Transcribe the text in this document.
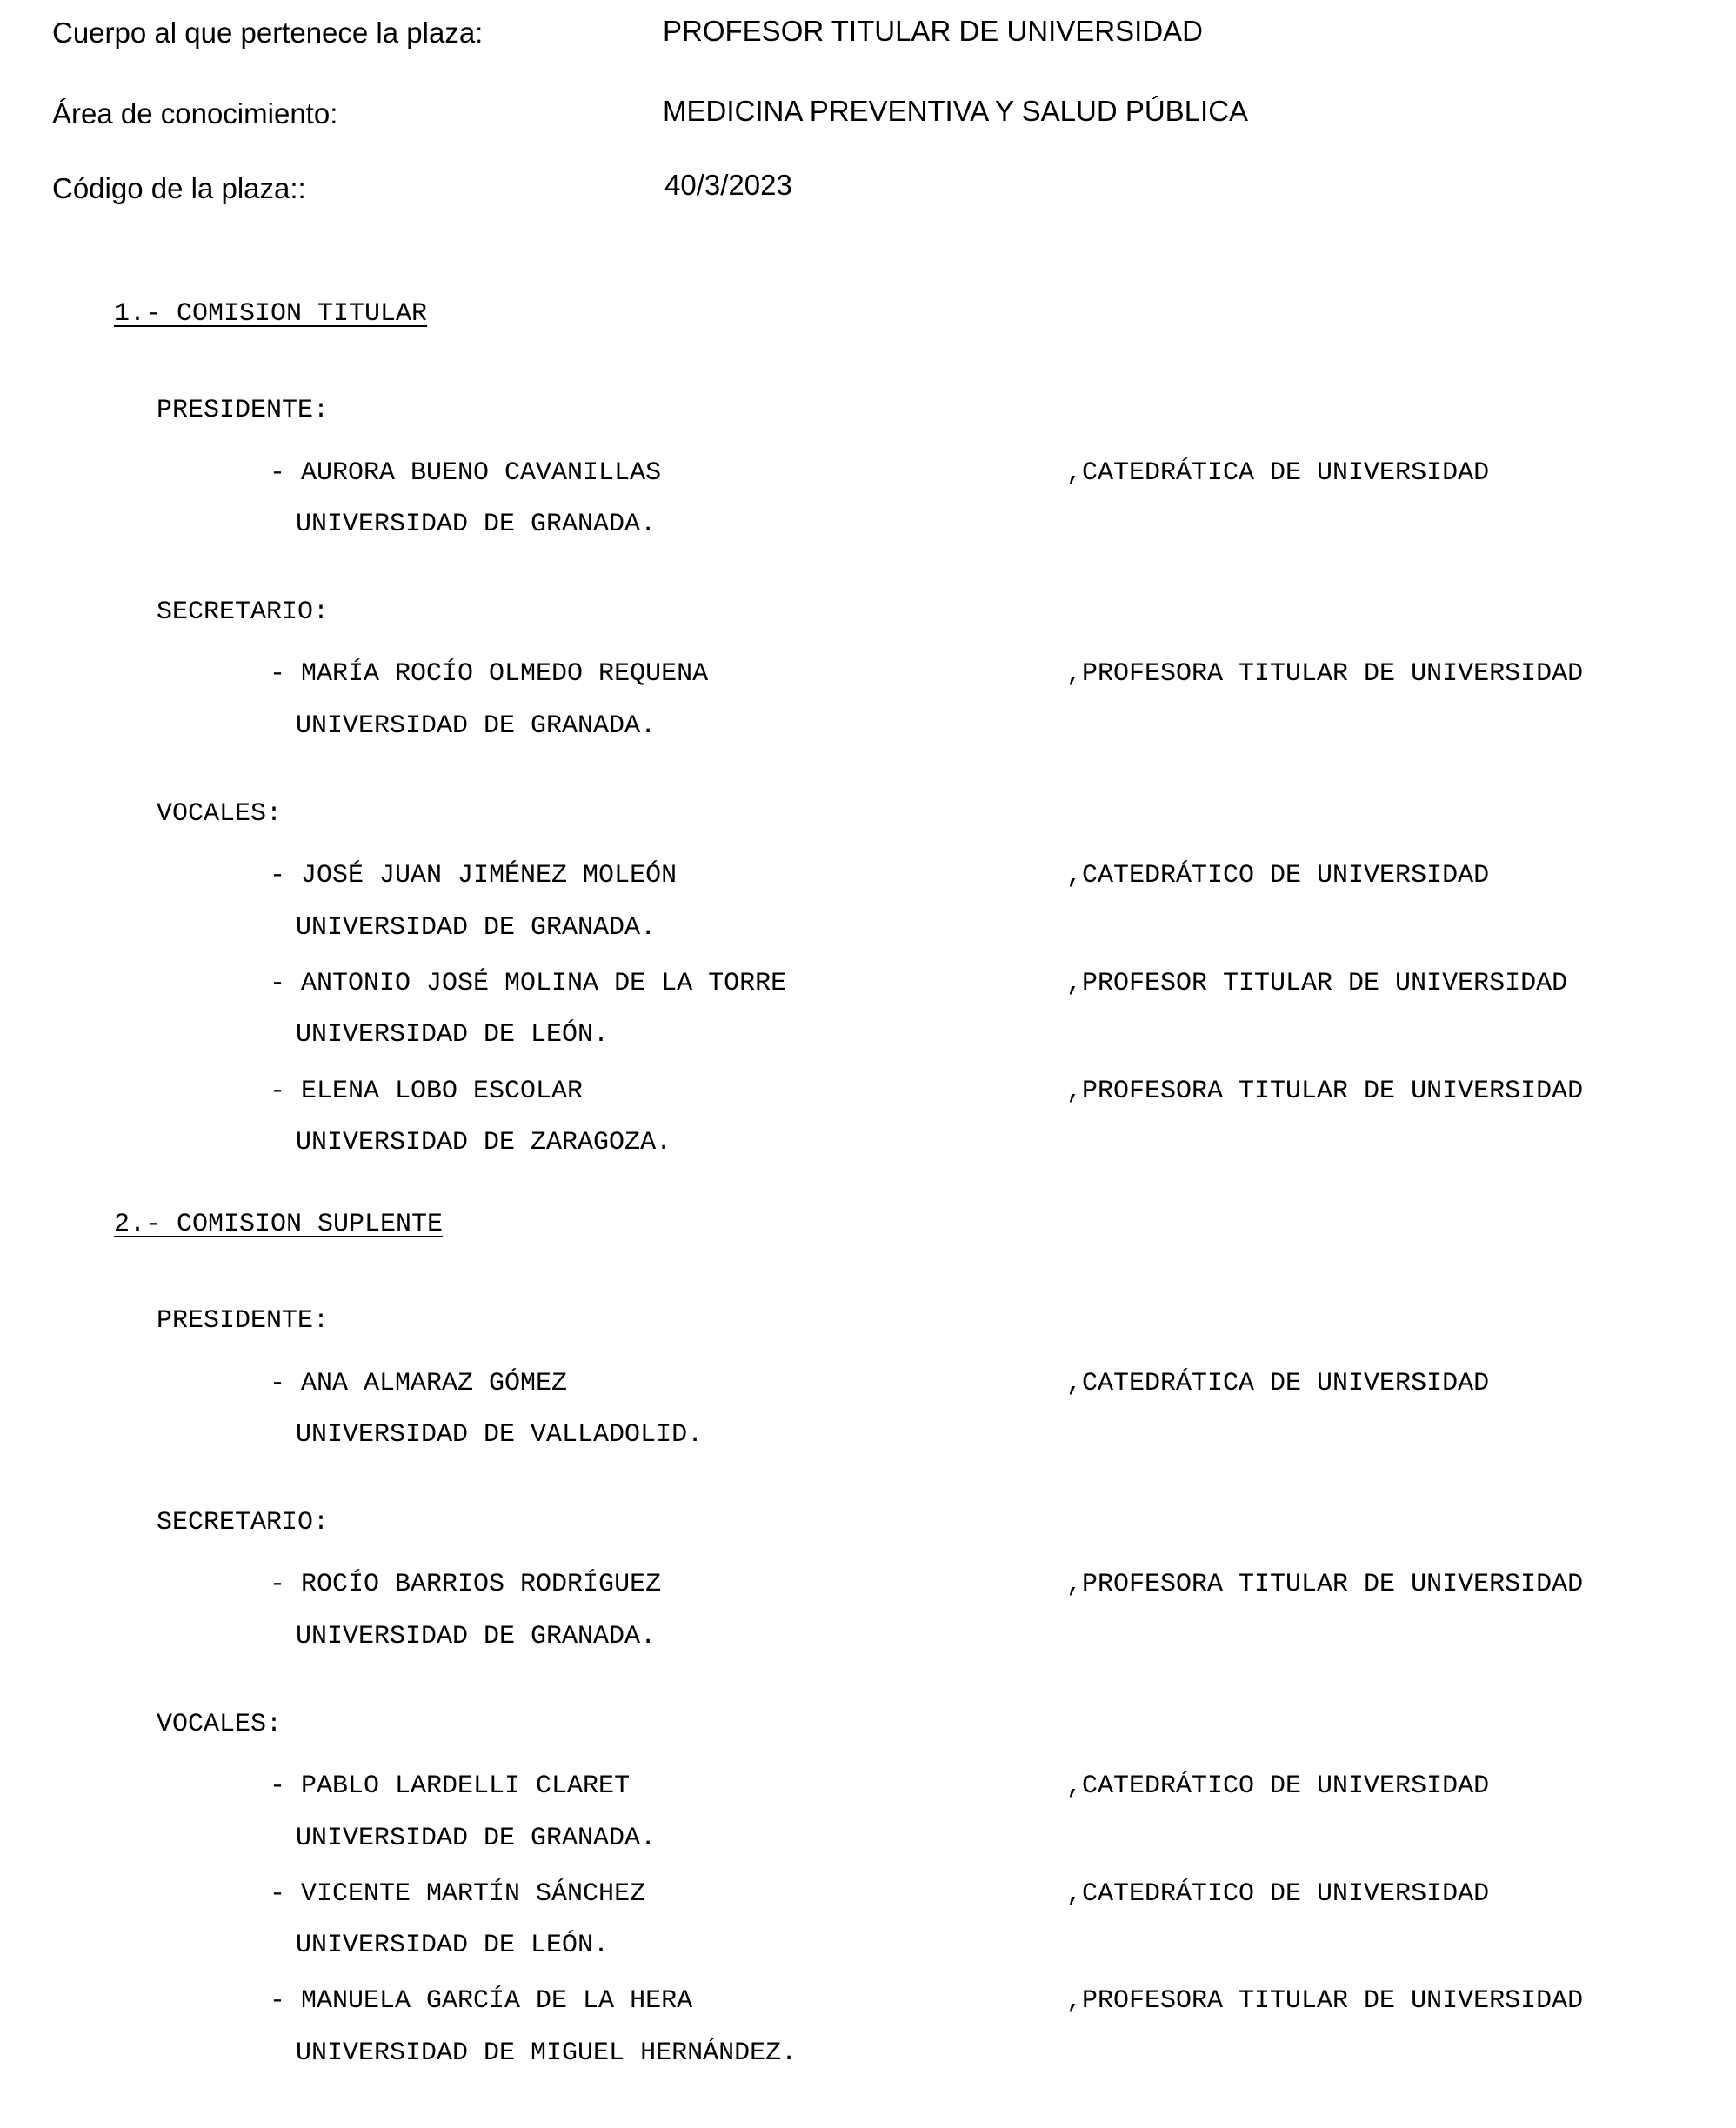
Cuerpo al que pertenece la plaza:	PROFESOR TITULAR DE UNIVERSIDAD
Área de conocimiento:	MEDICINA PREVENTIVA Y SALUD PÚBLICA
Código de la plaza::	40/3/2023
1.- COMISION TITULAR
PRESIDENTE:
- AURORA BUENO CAVANILLAS	,CATEDRÁTICA DE UNIVERSIDAD
UNIVERSIDAD DE GRANADA.
SECRETARIO:
- MARÍA ROCÍO OLMEDO REQUENA	,PROFESORA TITULAR DE UNIVERSIDAD
UNIVERSIDAD DE GRANADA.
VOCALES:
- JOSÉ JUAN JIMÉNEZ MOLEÓN	,CATEDRÁTICO DE UNIVERSIDAD
UNIVERSIDAD DE GRANADA.
- ANTONIO JOSÉ MOLINA DE LA TORRE	,PROFESOR TITULAR DE UNIVERSIDAD
UNIVERSIDAD DE LEÓN.
- ELENA LOBO ESCOLAR	,PROFESORA TITULAR DE UNIVERSIDAD
UNIVERSIDAD DE ZARAGOZA.
2.- COMISION SUPLENTE
PRESIDENTE:
- ANA ALMARAZ GÓMEZ	,CATEDRÁTICA DE UNIVERSIDAD
UNIVERSIDAD DE VALLADOLID.
SECRETARIO:
- ROCÍO BARRIOS RODRÍGUEZ	,PROFESORA TITULAR DE UNIVERSIDAD
UNIVERSIDAD DE GRANADA.
VOCALES:
- PABLO LARDELLI CLARET	,CATEDRÁTICO DE UNIVERSIDAD
UNIVERSIDAD DE GRANADA.
- VICENTE MARTÍN SÁNCHEZ	,CATEDRÁTICO DE UNIVERSIDAD
UNIVERSIDAD DE LEÓN.
- MANUELA GARCÍA DE LA HERA	,PROFESORA TITULAR DE UNIVERSIDAD
UNIVERSIDAD DE MIGUEL HERNÁNDEZ.
